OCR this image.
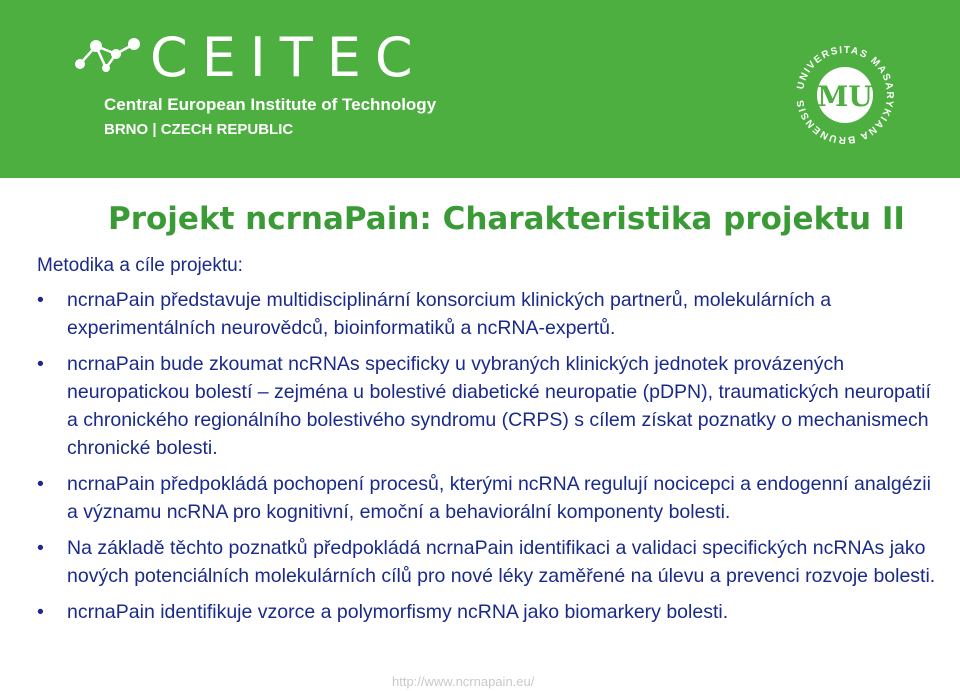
CEITEC
Central European Institute of Technology
BRNO | CZECH REPUBLIC
UNIVERSITAS MASARYKIANA BRUNENSIS MU
Projekt ncrnaPain: Charakteristika projektu II
Metodika a cíle projektu:
• ncrnaPain představuje multidisciplinární konsorcium klinických partnerů, molekulárních a experimentálních neurovědců, bioinformatiků a ncRNA-expertů.
• ncrnaPain bude zkoumat ncRNAs specificky u vybraných klinických jednotek provázených neuropatickou bolestí – zejména u bolestivé diabetické neuropatie (pDPN), traumatických neuropatií a chronického regionálního bolestivého syndromu (CRPS) s cílem získat poznatky o mechanismech chronické bolesti.
• ncrnaPain předpokládá pochopení procesů, kterými ncRNA regulují nocicepci a endogenní analgézii a významu ncRNA pro kognitivní, emoční a behaviorální komponenty bolesti.
• Na základě těchto poznatků předpokládá ncrnaPain identifikaci a validaci specifických ncRNAs jako nových potenciálních molekulárních cílů pro nové léky zaměřené na úlevu a prevenci rozvoje bolesti.
• ncrnaPain identifikuje vzorce a polymorfismy ncRNA jako biomarkery bolesti.
http://www.ncrnapain.eu/
